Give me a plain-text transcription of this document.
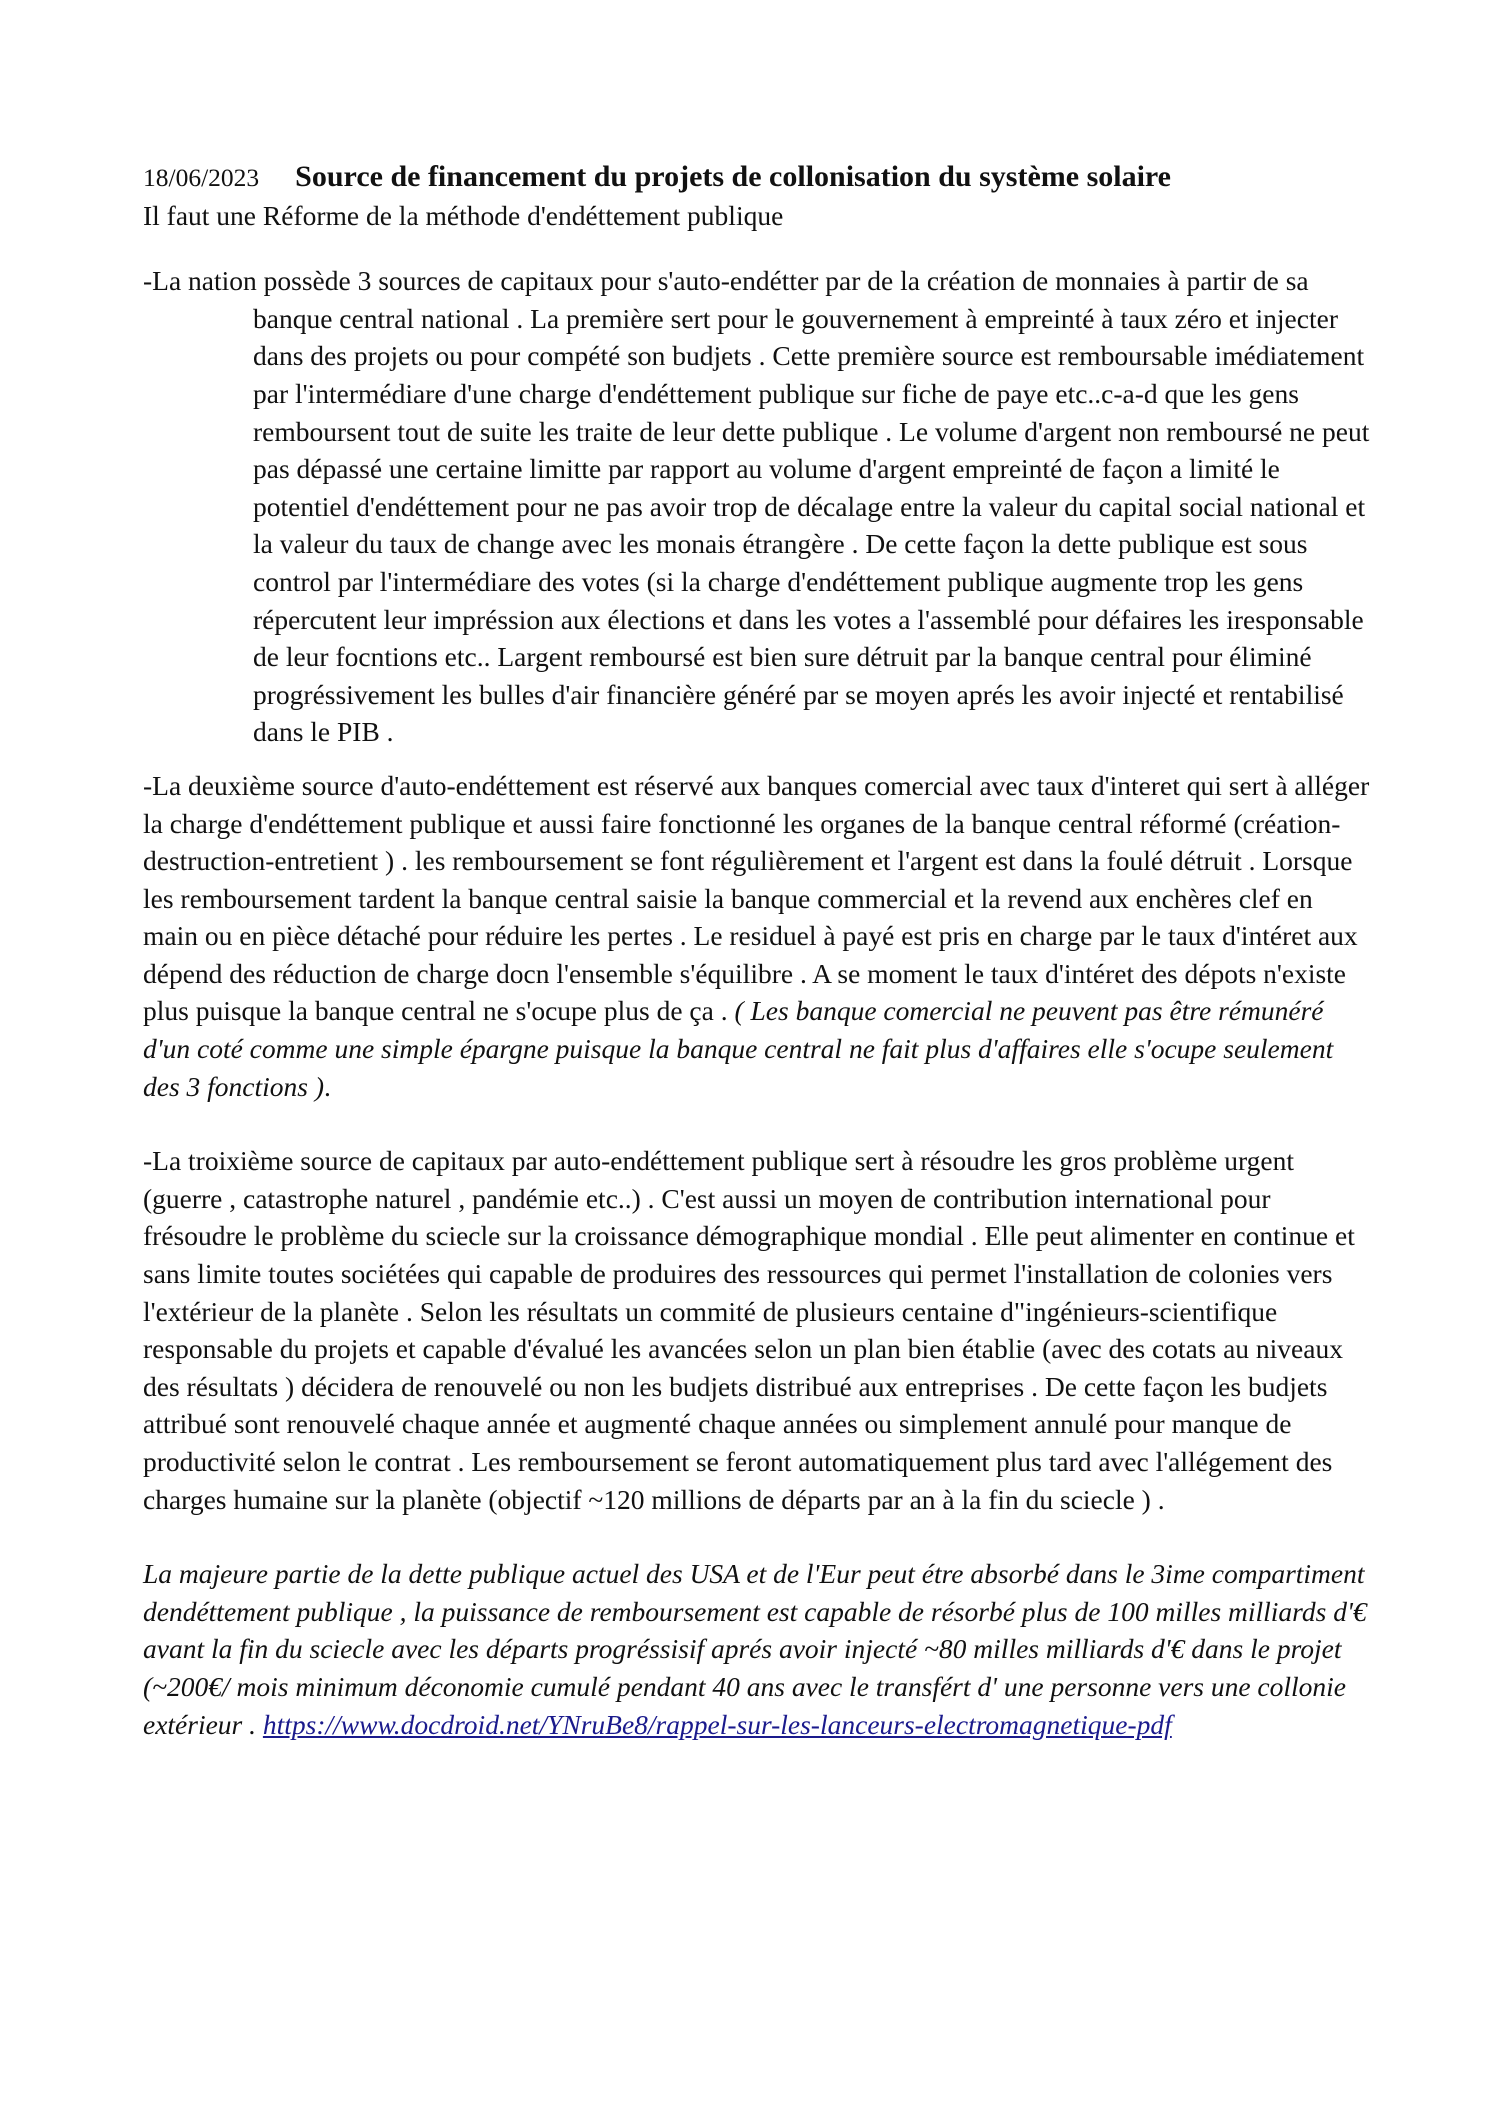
18/06/2023 Source de financement du projets de collonisation du système solaire
Il faut une Réforme de la méthode d'endéttement publique

-La nation possède 3 sources de capitaux pour s'auto-endétter par de la création de monnaies à partir de sa banque central national . La première sert pour le gouvernement à empreinté à taux zéro et injecter dans des projets ou pour compété son budjets . Cette première source est remboursable imédiatement par l'intermédiare d'une charge d'endéttement publique sur fiche de paye etc..c-a-d que les gens remboursent tout de suite les traite de leur dette publique . Le volume d'argent non remboursé ne peut pas dépassé une certaine limitte par rapport au volume d'argent empreinté de façon a limité le potentiel d'endéttement pour ne pas avoir trop de décalage entre la valeur du capital social national et la valeur du taux de change avec les monais étrangère . De cette façon la dette publique est sous control par l'intermédiare des votes (si la charge d'endéttement publique augmente trop les gens répercutent leur impréssion aux élections et dans les votes a l'assemblé pour défaires les iresponsable de leur focntions etc.. Largent remboursé est bien sure détruit par la banque central pour éliminé progréssivement les bulles d'air financière généré par se moyen aprés les avoir injecté et rentabilisé dans le PIB .

-La deuxième source d'auto-endéttement est réservé aux banques comercial avec taux d'interet qui sert à alléger la charge d'endéttement publique et aussi faire fonctionné les organes de la banque central réformé (création-destruction-entretient ) . les remboursement se font régulièrement et l'argent est dans la foulé détruit . Lorsque les remboursement tardent la banque central saisie la banque commercial et la revend aux enchères clef en main ou en pièce détaché pour réduire les pertes . Le residuel à payé est pris en charge par le taux d'intéret aux dépend des réduction de charge docn l'ensemble s'équilibre . A se moment le taux d'intéret des dépots n'existe plus puisque la banque central ne s'ocupe plus de ça . ( Les banque comercial ne peuvent pas être rémunéré d'un coté comme une simple épargne puisque la banque central ne fait plus d'affaires elle s'ocupe seulement des 3 fonctions ).

-La troixième source de capitaux par auto-endéttement publique sert à résoudre les gros problème urgent (guerre , catastrophe naturel , pandémie etc..) . C'est aussi un moyen de contribution international pour frésoudre le problème du sciecle sur la croissance démographique mondial . Elle peut alimenter en continue et sans limite toutes sociétées qui capable de produires des ressources qui permet l'installation de colonies vers l'extérieur de la planète . Selon les résultats un commité de plusieurs centaine d"ingénieurs-scientifique responsable du projets et capable d'évalué les avancées selon un plan bien établie (avec des cotats au niveaux des résultats ) décidera de renouvelé ou non les budjets distribué aux entreprises . De cette façon les budjets attribué sont renouvelé chaque année et augmenté chaque années ou simplement annulé pour manque de productivité selon le contrat . Les remboursement se feront automatiquement plus tard avec l'allégement des charges humaine sur la planète (objectif ~120 millions de départs par an à la fin du sciecle ) .

La majeure partie de la dette publique actuel des USA et de l'Eur peut étre absorbé dans le 3ime compartiment dendéttement publique , la puissance de remboursement est capable de résorbé plus de 100 milles milliards d'€ avant la fin du sciecle avec les départs progréssisif aprés avoir injecté ~80 milles milliards d'€ dans le projet (~200€/ mois minimum déconomie cumulé pendant 40 ans avec le transfért d' une personne vers une collonie extérieur . https://www.docdroid.net/YNruBe8/rappel-sur-les-lanceurs-electromagnetique-pdf
